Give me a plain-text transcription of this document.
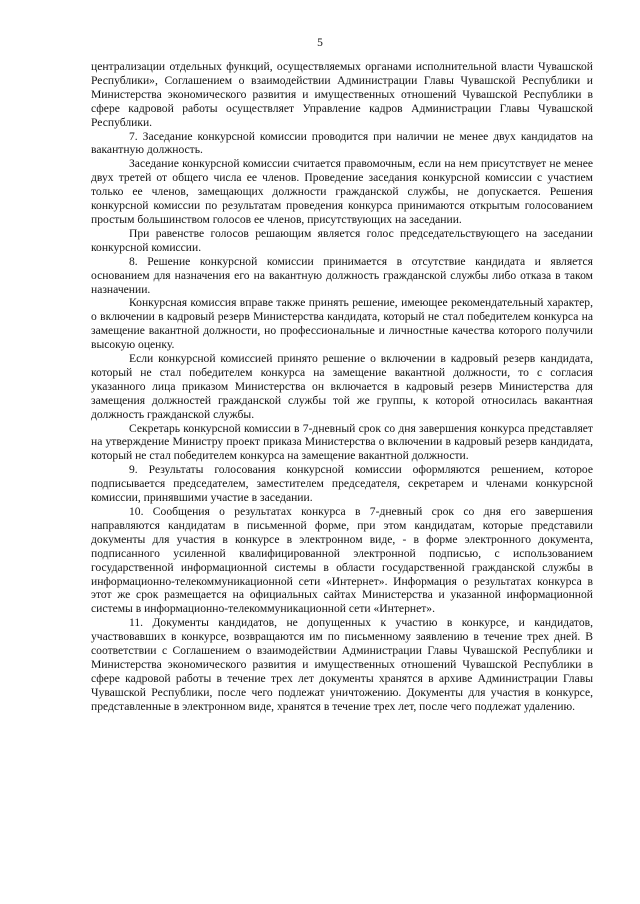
5

централизации отдельных функций, осуществляемых органами исполнительной власти Чувашской Республики», Соглашением о взаимодействии Администрации Главы Чувашской Республики и Министерства экономического развития и имущественных отношений Чувашской Республики в сфере кадровой работы осуществляет Управление кадров Администрации Главы Чувашской Республики.

7. Заседание конкурсной комиссии проводится при наличии не менее двух кандидатов на вакантную должность.

Заседание конкурсной комиссии считается правомочным, если на нем присутствует не менее двух третей от общего числа ее членов. Проведение заседания конкурсной комиссии с участием только ее членов, замещающих должности гражданской службы, не допускается. Решения конкурсной комиссии по результатам проведения конкурса принимаются открытым голосованием простым большинством голосов ее членов, присутствующих на заседании.

При равенстве голосов решающим является голос председательствующего на заседании конкурсной комиссии.

8. Решение конкурсной комиссии принимается в отсутствие кандидата и является основанием для назначения его на вакантную должность гражданской службы либо отказа в таком назначении.

Конкурсная комиссия вправе также принять решение, имеющее рекомендательный характер, о включении в кадровый резерв Министерства кандидата, который не стал победителем конкурса на замещение вакантной должности, но профессиональные и личностные качества которого получили высокую оценку.

Если конкурсной комиссией принято решение о включении в кадровый резерв кандидата, который не стал победителем конкурса на замещение вакантной должности, то с согласия указанного лица приказом Министерства он включается в кадровый резерв Министерства для замещения должностей гражданской службы той же группы, к которой относилась вакантная должность гражданской службы.

Секретарь конкурсной комиссии в 7-дневный срок со дня завершения конкурса представляет на утверждение Министру проект приказа Министерства о включении в кадровый резерв кандидата, который не стал победителем конкурса на замещение вакантной должности.

9. Результаты голосования конкурсной комиссии оформляются решением, которое подписывается председателем, заместителем председателя, секретарем и членами конкурсной комиссии, принявшими участие в заседании.

10. Сообщения о результатах конкурса в 7-дневный срок со дня его завершения направляются кандидатам в письменной форме, при этом кандидатам, которые представили документы для участия в конкурсе в электронном виде, - в форме электронного документа, подписанного усиленной квалифицированной электронной подписью, с использованием государственной информационной системы в области государственной гражданской службы в информационно-телекоммуникационной сети «Интернет». Информация о результатах конкурса в этот же срок размещается на официальных сайтах Министерства и указанной информационной системы в информационно-телекоммуникационной сети «Интернет».

11. Документы кандидатов, не допущенных к участию в конкурсе, и кандидатов, участвовавших в конкурсе, возвращаются им по письменному заявлению в течение трех дней. В соответствии с Соглашением о взаимодействии Администрации Главы Чувашской Республики и Министерства экономического развития и имущественных отношений Чувашской Республики в сфере кадровой работы в течение трех лет документы хранятся в архиве Администрации Главы Чувашской Республики, после чего подлежат уничтожению. Документы для участия в конкурсе, представленные в электронном виде, хранятся в течение трех лет, после чего подлежат удалению.
